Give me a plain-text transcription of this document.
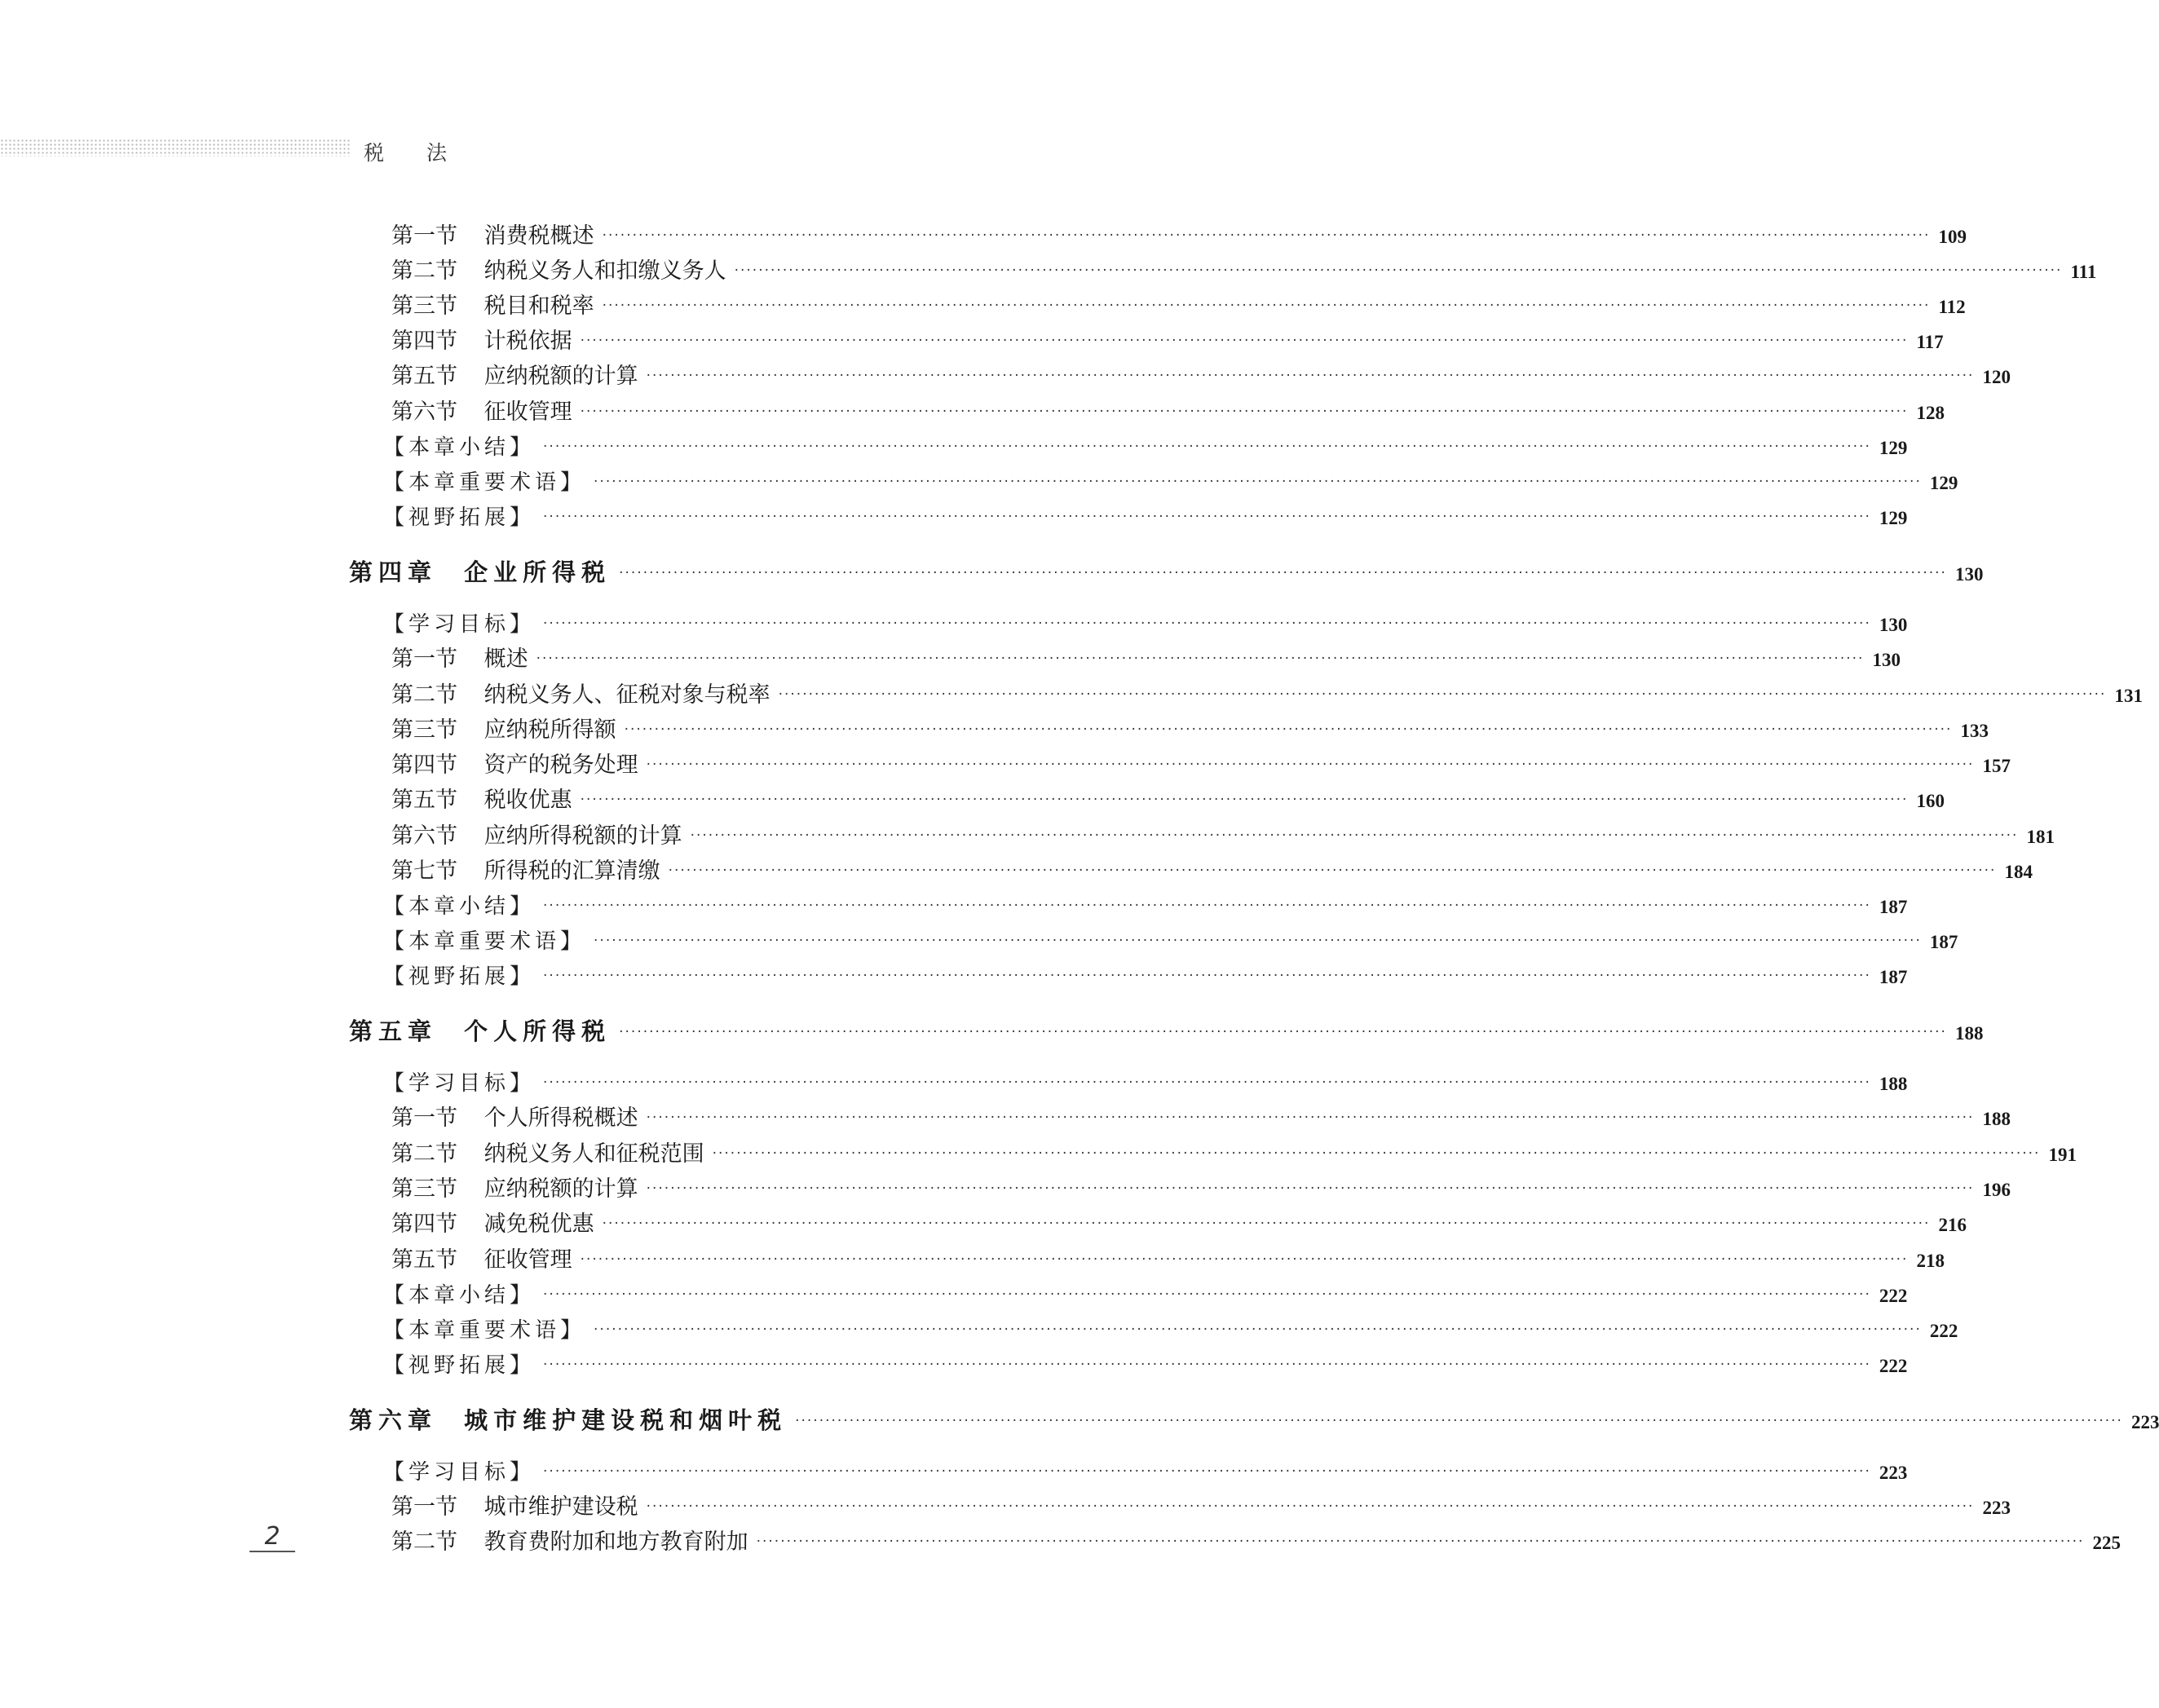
税 法
第一节 消费税概述 ···························································································································································································································· 109
第二节 纳税义务人和扣缴义务人 ···························································································································································································································· 111
第三节 税目和税率 ···························································································································································································································· 112
第四节 计税依据 ···························································································································································································································· 117
第五节 应纳税额的计算 ···························································································································································································································· 120
第六节 征收管理 ···························································································································································································································· 128
【本章小结】 ···························································································································································································································· 129
【本章重要术语】 ···························································································································································································································· 129
【视野拓展】 ···························································································································································································································· 129
第四章 企业所得税 ···························································································································································································································· 130
【学习目标】 ···························································································································································································································· 130
第一节 概述 ···························································································································································································································· 130
第二节 纳税义务人、征税对象与税率 ···························································································································································································································· 131
第三节 应纳税所得额 ···························································································································································································································· 133
第四节 资产的税务处理 ···························································································································································································································· 157
第五节 税收优惠 ···························································································································································································································· 160
第六节 应纳所得税额的计算 ···························································································································································································································· 181
第七节 所得税的汇算清缴 ···························································································································································································································· 184
【本章小结】 ···························································································································································································································· 187
【本章重要术语】 ···························································································································································································································· 187
【视野拓展】 ···························································································································································································································· 187
第五章 个人所得税 ···························································································································································································································· 188
【学习目标】 ···························································································································································································································· 188
第一节 个人所得税概述 ···························································································································································································································· 188
第二节 纳税义务人和征税范围 ···························································································································································································································· 191
第三节 应纳税额的计算 ···························································································································································································································· 196
第四节 减免税优惠 ···························································································································································································································· 216
第五节 征收管理 ···························································································································································································································· 218
【本章小结】 ···························································································································································································································· 222
【本章重要术语】 ···························································································································································································································· 222
【视野拓展】 ···························································································································································································································· 222
第六章 城市维护建设税和烟叶税 ···························································································································································································································· 223
【学习目标】 ···························································································································································································································· 223
第一节 城市维护建设税 ···························································································································································································································· 223
第二节 教育费附加和地方教育附加 ···························································································································································································································· 225
2
